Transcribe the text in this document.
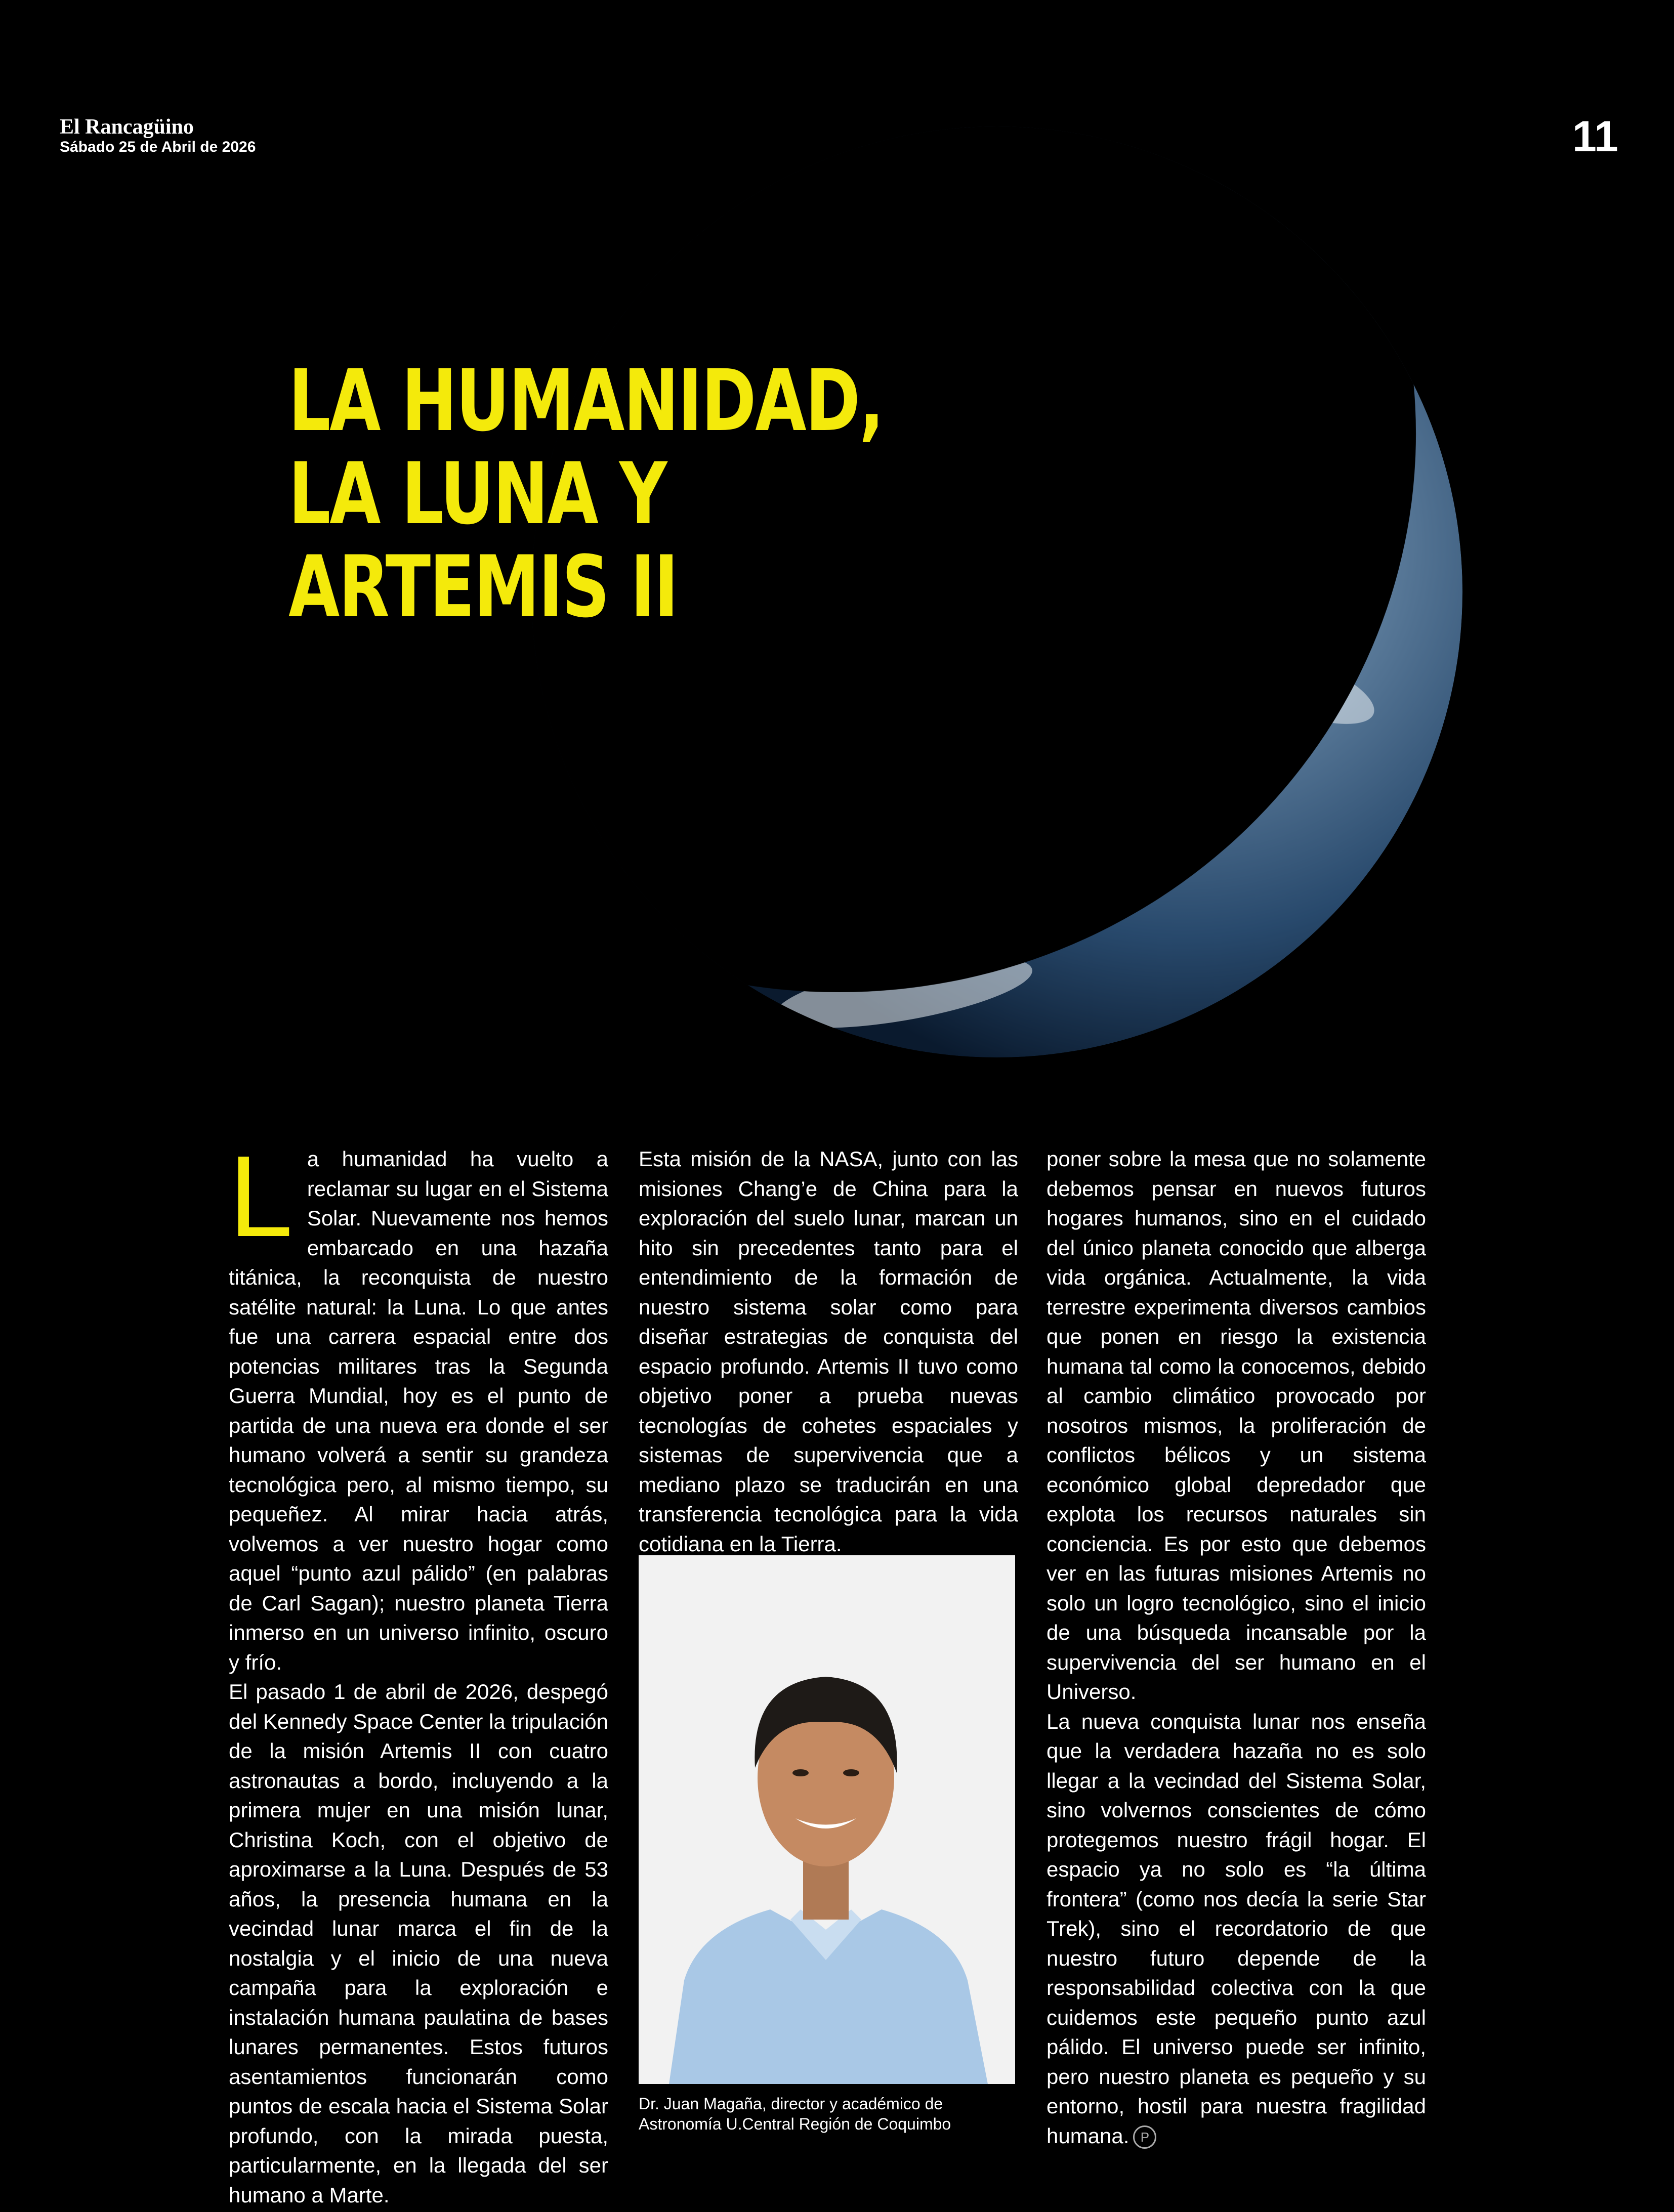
El Rancagüino
Sábado 25 de Abril de 2026	11
LA HUMANIDAD,
LA LUNA Y
ARTEMIS II
L a humanidad ha vuelto a reclamar su lugar en el Sistema Solar. Nuevamente nos hemos embarcado en una hazaña titánica, la reconquista de nuestro satélite natural: la Luna. Lo que antes fue una carrera espacial entre dos potencias militares tras la Segunda Guerra Mundial, hoy es el punto de partida de una nueva era donde el ser humano volverá a sentir su grandeza tecnológica pero, al mismo tiempo, su pequeñez. Al mirar hacia atrás, volvemos a ver nuestro hogar como aquel “punto azul pálido” (en palabras de Carl Sagan); nuestro planeta Tierra inmerso en un universo infinito, oscuro y frío.

El pasado 1 de abril de 2026, despegó del Kennedy Space Center la tripulación de la misión Artemis II con cuatro astronautas a bordo, incluyendo a la primera mujer en una misión lunar, Christina Koch, con el objetivo de aproximarse a la Luna. Después de 53 años, la presencia humana en la vecindad lunar marca el fin de la nostalgia y el inicio de una nueva campaña para la exploración e instalación humana paulatina de bases lunares permanentes. Estos futuros asentamientos funcionarán como puntos de escala hacia el Sistema Solar profundo, con la mirada puesta, particularmente, en la llegada del ser humano a Marte.

Esta misión de la NASA, junto con las misiones Chang’e de China para la exploración del suelo lunar, marcan un hito sin precedentes tanto para el entendimiento de la formación de nuestro sistema solar como para diseñar estrategias de conquista del espacio profundo. Artemis II tuvo como objetivo poner a prueba nuevas tecnologías de cohetes espaciales y sistemas de supervivencia que a mediano plazo se traducirán en una transferencia tecnológica para la vida cotidiana en la Tierra.

Dr. Juan Magaña, director y académico de
Astronomía U.Central Región de Coquimbo

poner sobre la mesa que no solamente debemos pensar en nuevos futuros hogares humanos, sino en el cuidado del único planeta conocido que alberga vida orgánica. Actualmente, la vida terrestre experimenta diversos cambios que ponen en riesgo la existencia humana tal como la conocemos, debido al cambio climático provocado por nosotros mismos, la proliferación de conflictos bélicos y un sistema económico global depredador que explota los recursos naturales sin conciencia. Es por esto que debemos ver en las futuras misiones Artemis no solo un logro tecnológico, sino el inicio de una búsqueda incansable por la supervivencia del ser humano en el Universo.

La nueva conquista lunar nos enseña que la verdadera hazaña no es solo llegar a la vecindad del Sistema Solar, sino volvernos conscientes de cómo protegemos nuestro frágil hogar. El espacio ya no solo es “la última frontera” (como nos decía la serie Star Trek), sino el recordatorio de que nuestro futuro depende de la responsabilidad colectiva con la que cuidemos este pequeño punto azul pálido. El universo puede ser infinito, pero nuestro planeta es pequeño y su entorno, hostil para nuestra fragilidad humana. P
